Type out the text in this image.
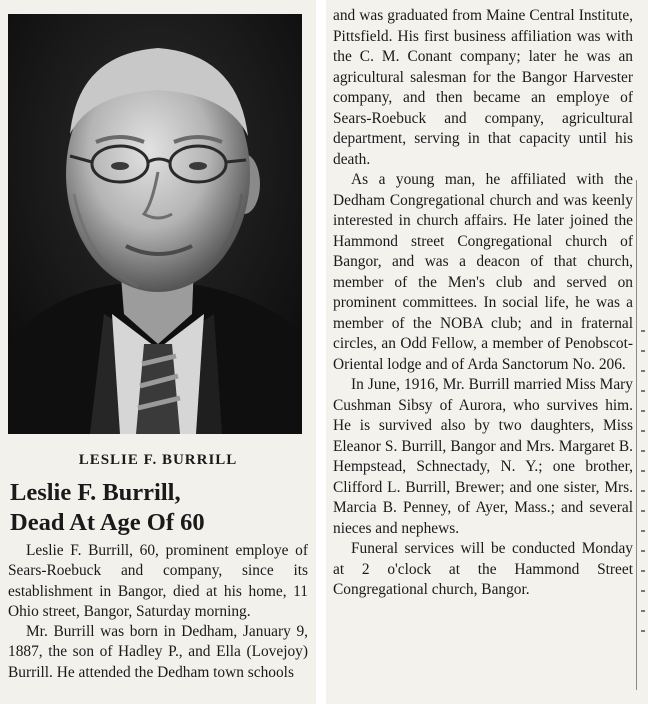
LESLIE F. BURRILL
Leslie F. Burrill,
Dead At Age Of 60

Leslie F. Burrill, 60, prominent employe of Sears-Roebuck and company, since its establishment in Bangor, died at his home, 11 Ohio street, Bangor, Saturday morning.

Mr. Burrill was born in Dedham, January 9, 1887, the son of Hadley P., and Ella (Lovejoy) Burrill. He attended the Dedham town schools

and was graduated from Maine Central Institute, Pittsfield. His first business affiliation was with the C. M. Conant company; later he was an agricultural salesman for the Bangor Harvester company, and then became an employe of Sears-Roebuck and company, agricultural department, serving in that capacity until his death.

As a young man, he affiliated with the Dedham Congregational church and was keenly interested in church affairs. He later joined the Hammond street Congregational church of Bangor, and was a deacon of that church, member of the Men's club and served on prominent committees. In social life, he was a member of the NOBA club; and in fraternal circles, an Odd Fellow, a member of Penobscot-Oriental lodge and of Arda Sanctorum No. 206.

In June, 1916, Mr. Burrill married Miss Mary Cushman Sibsy of Aurora, who survives him. He is survived also by two daughters, Miss Eleanor S. Burrill, Bangor and Mrs. Margaret B. Hempstead, Schnectady, N. Y.; one brother, Clifford L. Burrill, Brewer; and one sister, Mrs. Marcia B. Penney, of Ayer, Mass.; and several nieces and nephews.

Funeral services will be conducted Monday at 2 o'clock at the Hammond Street Congregational church, Bangor.
